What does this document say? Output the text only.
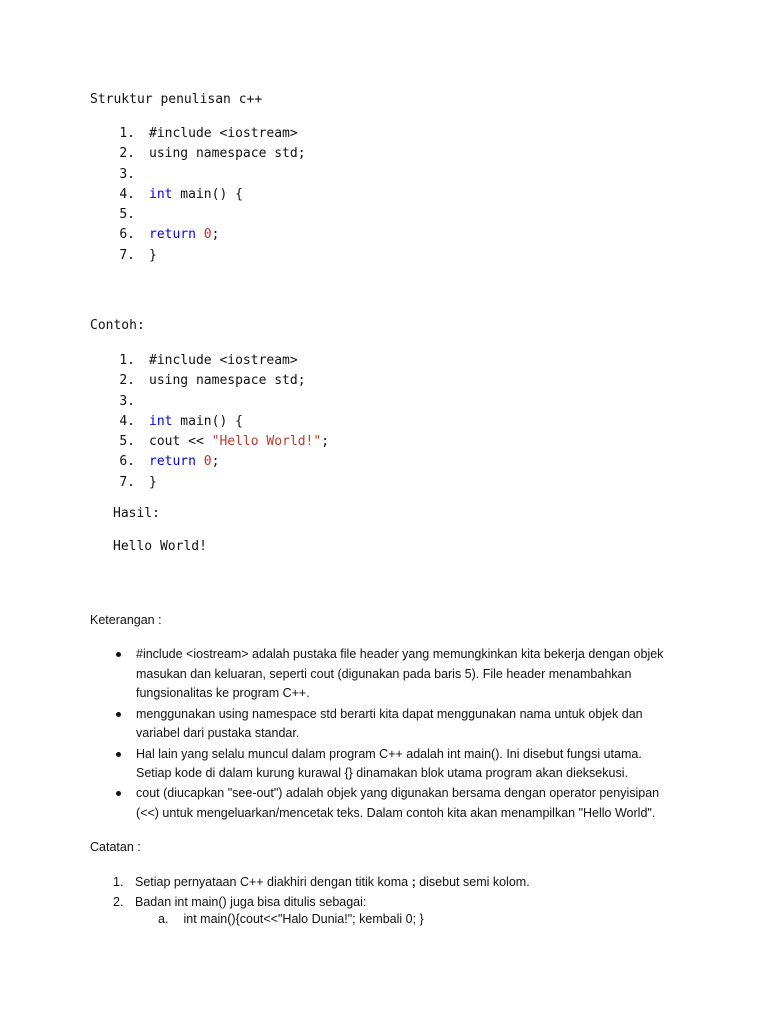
Struktur penulisan c++
1. #include <iostream>
2. using namespace std;
3.
4. int main() {
5.
6. return 0;
7. }
Contoh:
1. #include <iostream>
2. using namespace std;
3.
4. int main() {
5. cout << "Hello World!";
6. return 0;
7. }
Hasil:
Hello World!
Keterangan :
#include <iostream> adalah pustaka file header yang memungkinkan kita bekerja dengan objek masukan dan keluaran, seperti cout (digunakan pada baris 5). File header menambahkan fungsionalitas ke program C++.
menggunakan using namespace std berarti kita dapat menggunakan nama untuk objek dan variabel dari pustaka standar.
Hal lain yang selalu muncul dalam program C++ adalah int main(). Ini disebut fungsi utama. Setiap kode di dalam kurung kurawal {} dinamakan blok utama program akan dieksekusi.
cout (diucapkan "see-out") adalah objek yang digunakan bersama dengan operator penyisipan (<<) untuk mengeluarkan/mencetak teks. Dalam contoh kita akan menampilkan "Hello World".
Catatan :
1. Setiap pernyataan C++ diakhiri dengan titik koma ; disebut semi kolom.
2. Badan int main() juga bisa ditulis sebagai:
a. int main(){cout<<"Halo Dunia!"; kembali 0; }
